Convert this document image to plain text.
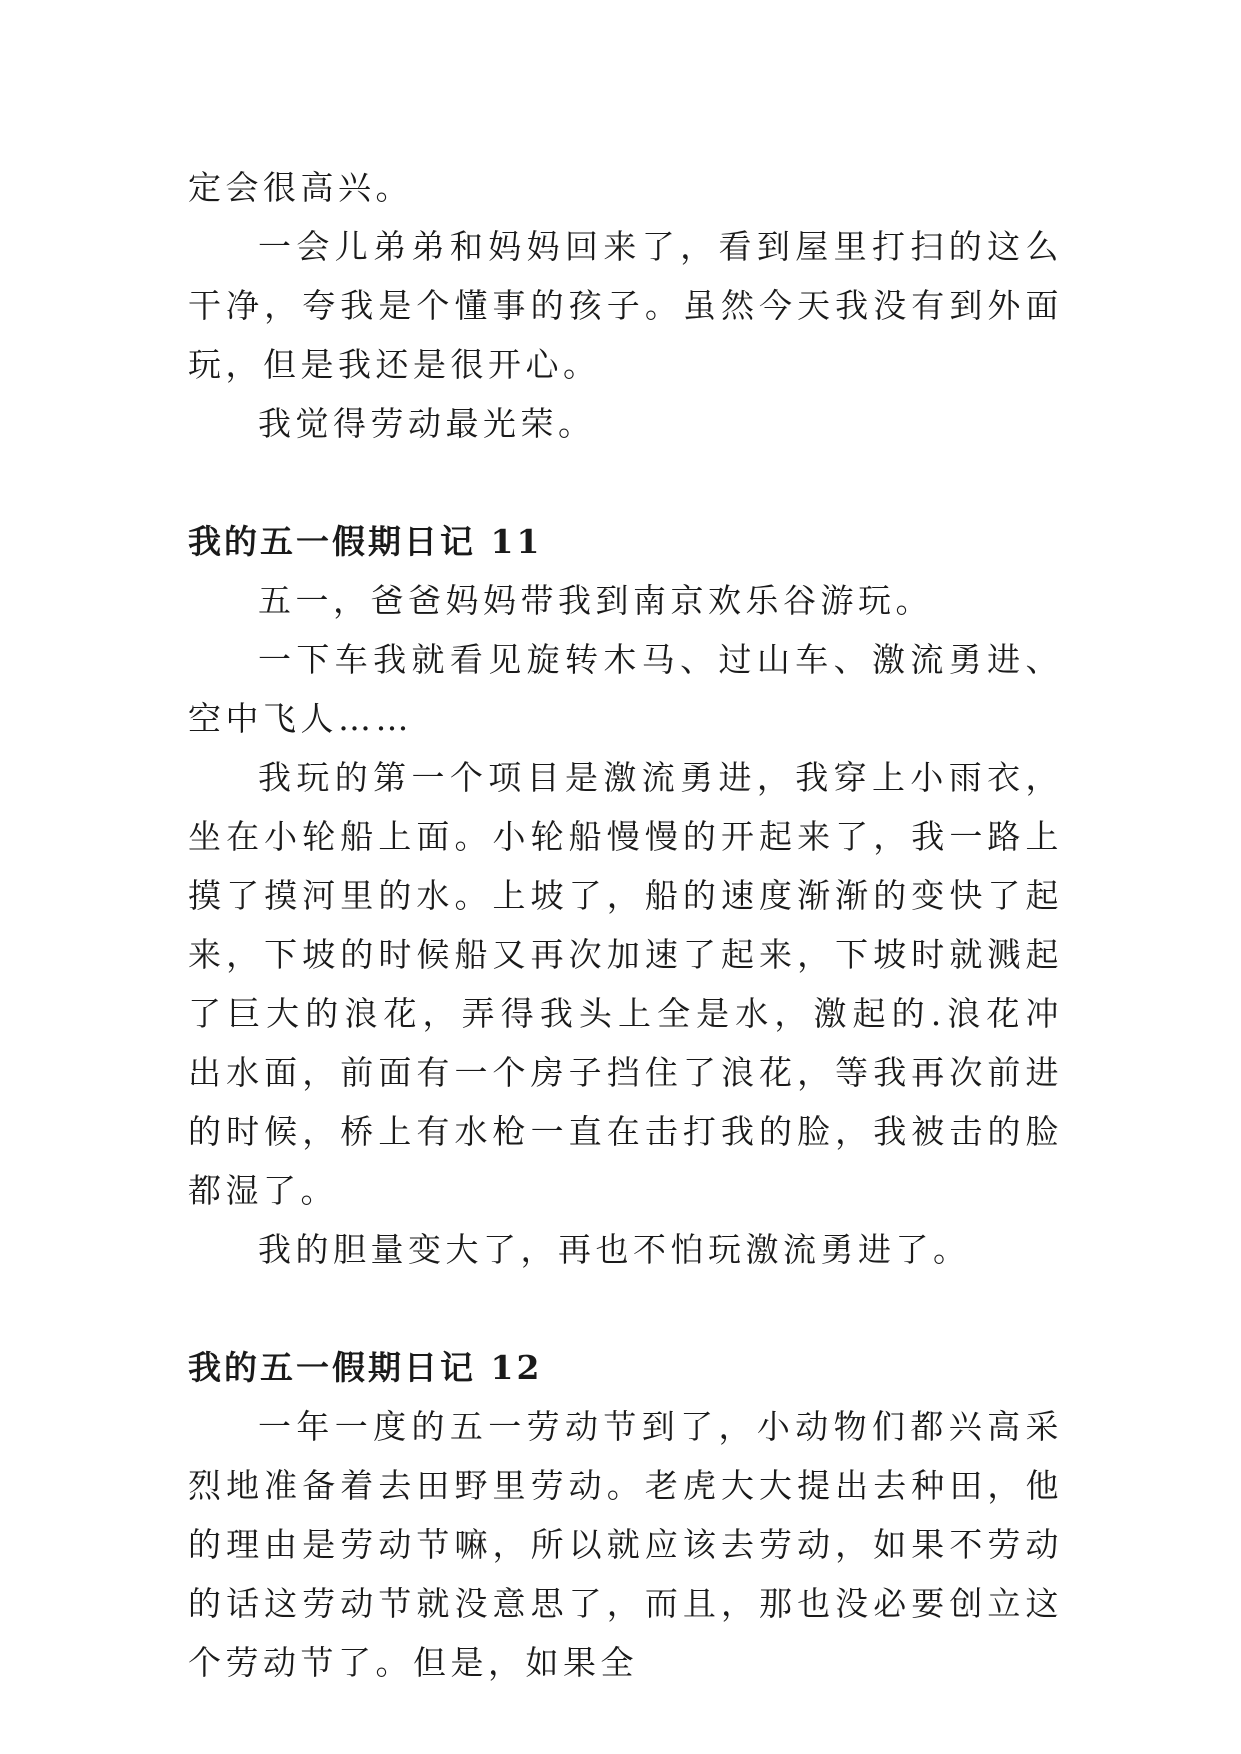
定会很高兴。

一会儿弟弟和妈妈回来了，看到屋里打扫的这么干净，夸我是个懂事的孩子。虽然今天我没有到外面玩，但是我还是很开心。

我觉得劳动最光荣。

我的五一假期日记 11

五一，爸爸妈妈带我到南京欢乐谷游玩。

一下车我就看见旋转木马、过山车、激流勇进、空中飞人……

我玩的第一个项目是激流勇进，我穿上小雨衣，坐在小轮船上面。小轮船慢慢的开起来了，我一路上摸了摸河里的水。上坡了，船的速度渐渐的变快了起来，下坡的时候船又再次加速了起来，下坡时就溅起了巨大的浪花，弄得我头上全是水，激起的.浪花冲出水面，前面有一个房子挡住了浪花，等我再次前进的时候，桥上有水枪一直在击打我的脸，我被击的脸都湿了。

我的胆量变大了，再也不怕玩激流勇进了。

我的五一假期日记 12

一年一度的五一劳动节到了，小动物们都兴高采烈地准备着去田野里劳动。老虎大大提出去种田，他的理由是劳动节嘛，所以就应该去劳动，如果不劳动的话这劳动节就没意思了，而且，那也没必要创立这个劳动节了。但是，如果全
